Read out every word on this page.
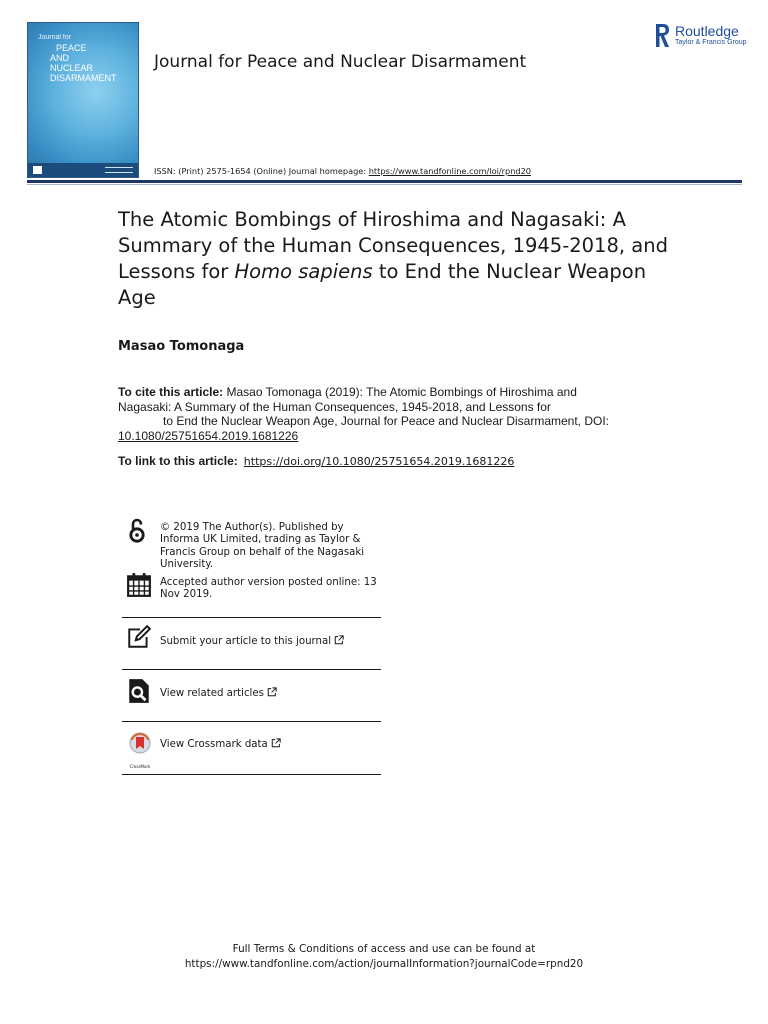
Journal for
PEACE
AND
NUCLEAR
DISARMAMENT
Journal for Peace and Nuclear Disarmament
Routledge
Taylor & Francis Group
ISSN: (Print) 2575-1654 (Online) Journal homepage: https://www.tandfonline.com/loi/rpnd20
The Atomic Bombings of Hiroshima and Nagasaki: A Summary of the Human Consequences, 1945-2018, and Lessons for Homo sapiens to End the Nuclear Weapon Age
Masao Tomonaga
To cite this article: Masao Tomonaga (2019): The Atomic Bombings of Hiroshima and
Nagasaki: A Summary of the Human Consequences, 1945-2018, and Lessons for
to End the Nuclear Weapon Age, Journal for Peace and Nuclear Disarmament, DOI:
10.1080/25751654.2019.1681226
To link to this article: https://doi.org/10.1080/25751654.2019.1681226
© 2019 The Author(s). Published by Informa UK Limited, trading as Taylor & Francis Group on behalf of the Nagasaki University.
Accepted author version posted online: 13 Nov 2019.
Submit your article to this journal
View related articles
CrossMark
View Crossmark data
Full Terms & Conditions of access and use can be found at
https://www.tandfonline.com/action/journalInformation?journalCode=rpnd20
